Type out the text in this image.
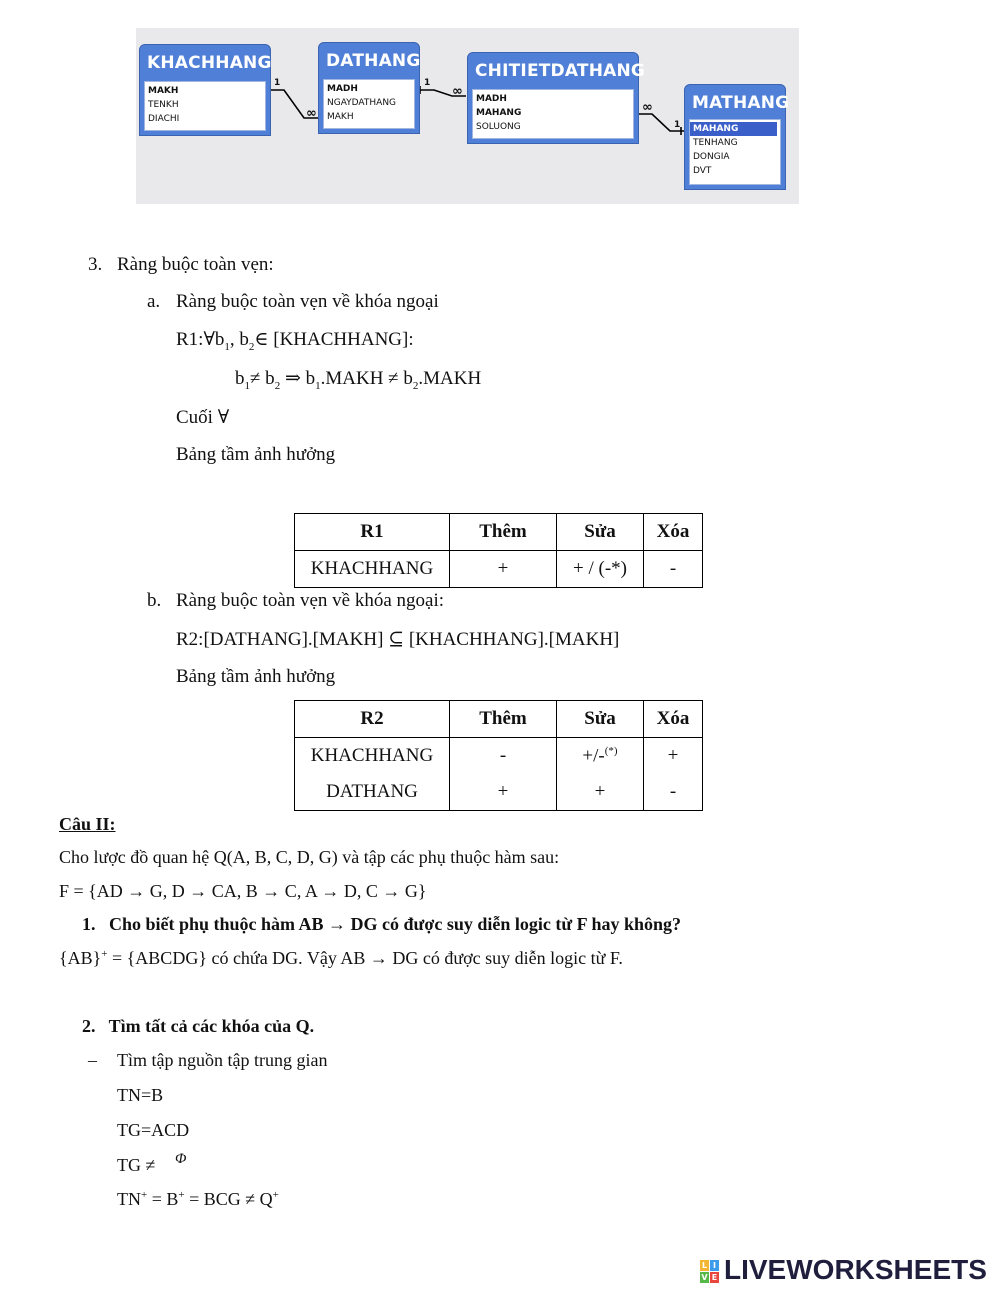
1
∞
1
∞
∞
1
KHACHHANG
MAKH
TENKH
DIACHI
DATHANG
MADH
NGAYDATHANG
MAKH
CHITIETDATHANG
MADH
MAHANG
SOLUONG
MATHANG
MAHANG
TENHANG
DONGIA
DVT
3. Ràng buộc toàn vẹn:
a. Ràng buộc toàn vẹn về khóa ngoại
$R1:\forall b_1$, $b_2\in$ [KHACHHANG]:
$b_1\ne b_2$ ⇒ $b_1.MAKH$ ≠ $b_2.MAKH$
Cuối ∀
Bảng tầm ảnh hưởng
R1	Thêm	Sửa	Xóa
KHACHHANG	+	+ / (-*)	-
b. Ràng buộc toàn vẹn về khóa ngoại:
R2:[DATHANG].[MAKH] ⊆ [KHACHHANG].[MAKH]
Bảng tầm ảnh hưởng
R2	Thêm	Sửa	Xóa
KHACHHANG	-	+/-(*)	+
DATHANG	+	+	-
Câu II:
Cho lược đồ quan hệ Q(A, B, C, D, G) và tập các phụ thuộc hàm sau:
F = {AD → G, D → CA, B → C, A → D, C → G}
1.   Cho biết phụ thuộc hàm AB → DG có được suy diễn logic từ F hay không?
{AB}+ = {ABCDG} có chứa DG. Vậy AB → DG có được suy diễn logic từ F.
2.   Tìm tất cả các khóa của Q.
– Tìm tập nguồn tập trung gian
TN=B
TG=ACD
TG ≠ Φ
TN+ = B+ = BCG ≠ Q+
L I
V E LIVEWORKSHEETS
